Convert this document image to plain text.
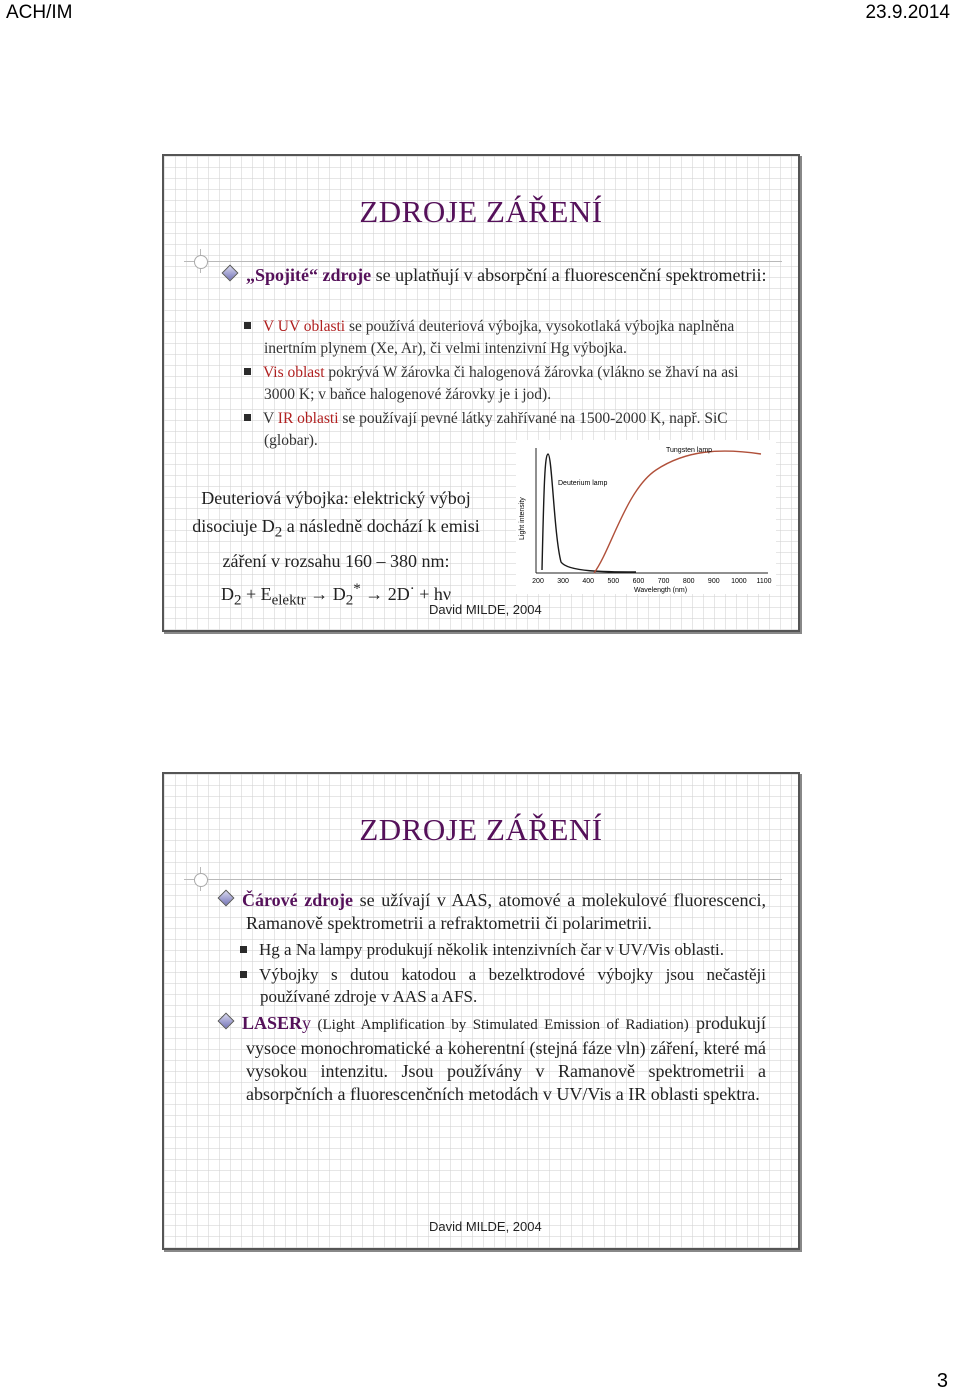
ACH/IM	23.9.2014
ZDROJE ZÁŘENÍ
„Spojité“ zdroje se uplatňují v absorpční a fluorescenční spektrometrii:
V UV oblasti se používá deuteriová výbojka, vysokotlaká výbojka naplněna inertním plynem (Xe, Ar), či velmi intenzivní Hg výbojka.
Vis oblast pokrývá W žárovka či halogenová žárovka (vlákno se žhaví na asi 3000 K; v baňce halogenové žárovky je i jod).
V IR oblasti se používají pevné látky zahřívané na 1500-2000 K, např. SiC (globar).
Deuteriová výbojka: elektrický výboj disociuje $D_2$ a následně dochází k emisi záření v rozsahu 160 – 380 nm:
$D_2 + E_{elektr} \to D_2^* \to 2D^\cdot + h\nu$
David MILDE, 2004
Light intensity
Wavelength (nm)
200 300 400 500 600 700 800 900 1000 1100
Deuterium lamp
Tungsten lamp
ZDROJE ZÁŘENÍ
Čárové zdroje se užívají v AAS, atomové a molekulové fluorescenci, Ramanově spektrometrii a refraktometrii či polarimetrii.
Hg a Na lampy produkují několik intenzivních čar v UV/Vis oblasti.
Výbojky s dutou katodou a bezelktrodové výbojky jsou nečastěji používané zdroje v AAS a AFS.
LASERy (Light Amplification by Stimulated Emission of Radiation) produkují vysoce monochromatické a koherentní (stejná fáze vln) záření, které má vysokou intenzitu. Jsou používány v Ramanově spektrometrii a absorpčních a fluorescenčních metodách v UV/Vis a IR oblasti spektra.
David MILDE, 2004
3
